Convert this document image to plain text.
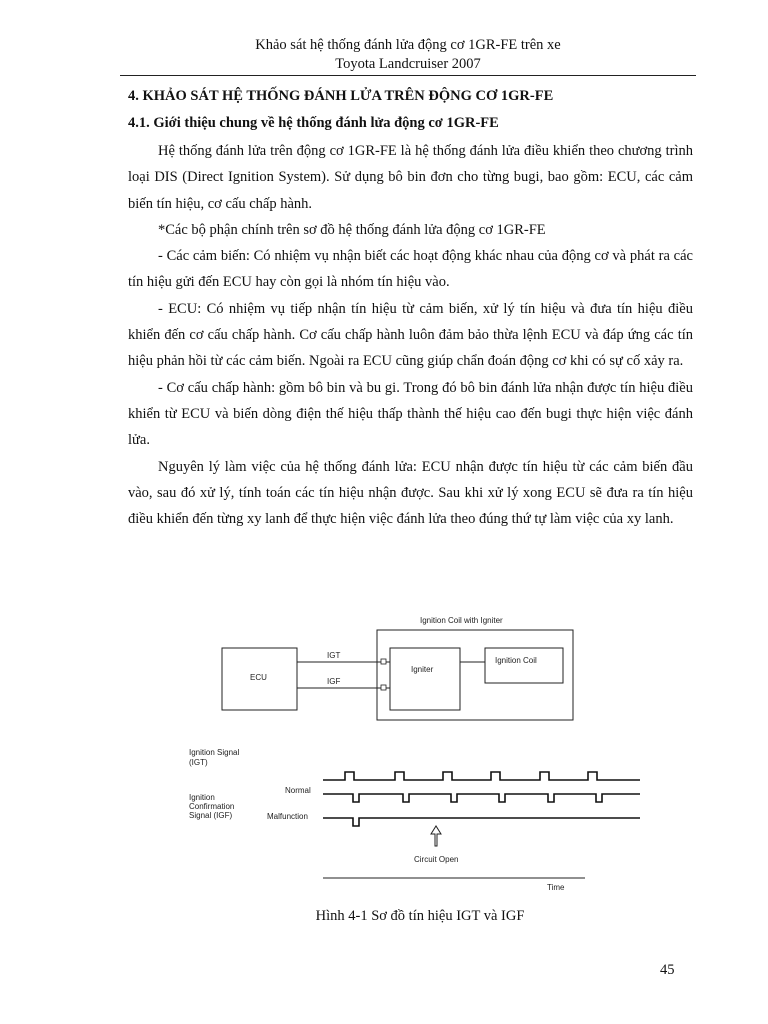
Khảo sát hệ thống đánh lửa động cơ 1GR-FE trên xe
Toyota Landcruiser 2007
4. KHẢO SÁT HỆ THỐNG ĐÁNH LỬA TRÊN ĐỘNG CƠ 1GR-FE
4.1. Giới thiệu chung về hệ thống đánh lửa động cơ 1GR-FE

Hệ thống đánh lửa trên động cơ 1GR-FE là hệ thống đánh lửa điều khiển theo chương trình loại DIS (Direct Ignition System). Sử dụng bô bin đơn cho từng bugi, bao gồm: ECU, các cảm biến tín hiệu, cơ cấu chấp hành.

*Các bộ phận chính trên sơ đồ hệ thống đánh lửa động cơ 1GR-FE

- Các cảm biến: Có nhiệm vụ nhận biết các hoạt động khác nhau của động cơ và phát ra các tín hiệu gửi đến ECU hay còn gọi là nhóm tín hiệu vào.

- ECU: Có nhiệm vụ tiếp nhận tín hiệu từ cảm biến, xử lý tín hiệu và đưa tín hiệu điều khiển đến cơ cấu chấp hành. Cơ cấu chấp hành luôn đảm bảo thừa lệnh ECU và đáp ứng các tín hiệu phản hồi từ các cảm biến. Ngoài ra ECU cũng giúp chẩn đoán động cơ khi có sự cố xảy ra.

- Cơ cấu chấp hành: gồm bô bin và bu gi. Trong đó bô bin đánh lửa nhận được tín hiệu điều khiển từ ECU và biến dòng điện thế hiệu thấp thành thế hiệu cao đến bugi thực hiện việc đánh lửa.

Nguyên lý làm việc của hệ thống đánh lửa: ECU nhận được tín hiệu từ các cảm biến đầu vào, sau đó xử lý, tính toán các tín hiệu nhận được. Sau khi xử lý xong ECU sẽ đưa ra tín hiệu điều khiển đến từng xy lanh để thực hiện việc đánh lửa theo đúng thứ tự làm việc của xy lanh.

Ignition Coil with Igniter
ECU
Igniter
Ignition Coil
IGT
IGF
Ignition Signal (IGT)
Ignition Confirmation Signal (IGF)
Normal
Malfunction
Circuit Open
Time
Hình 4-1 Sơ đồ tín hiệu IGT và IGF
45
